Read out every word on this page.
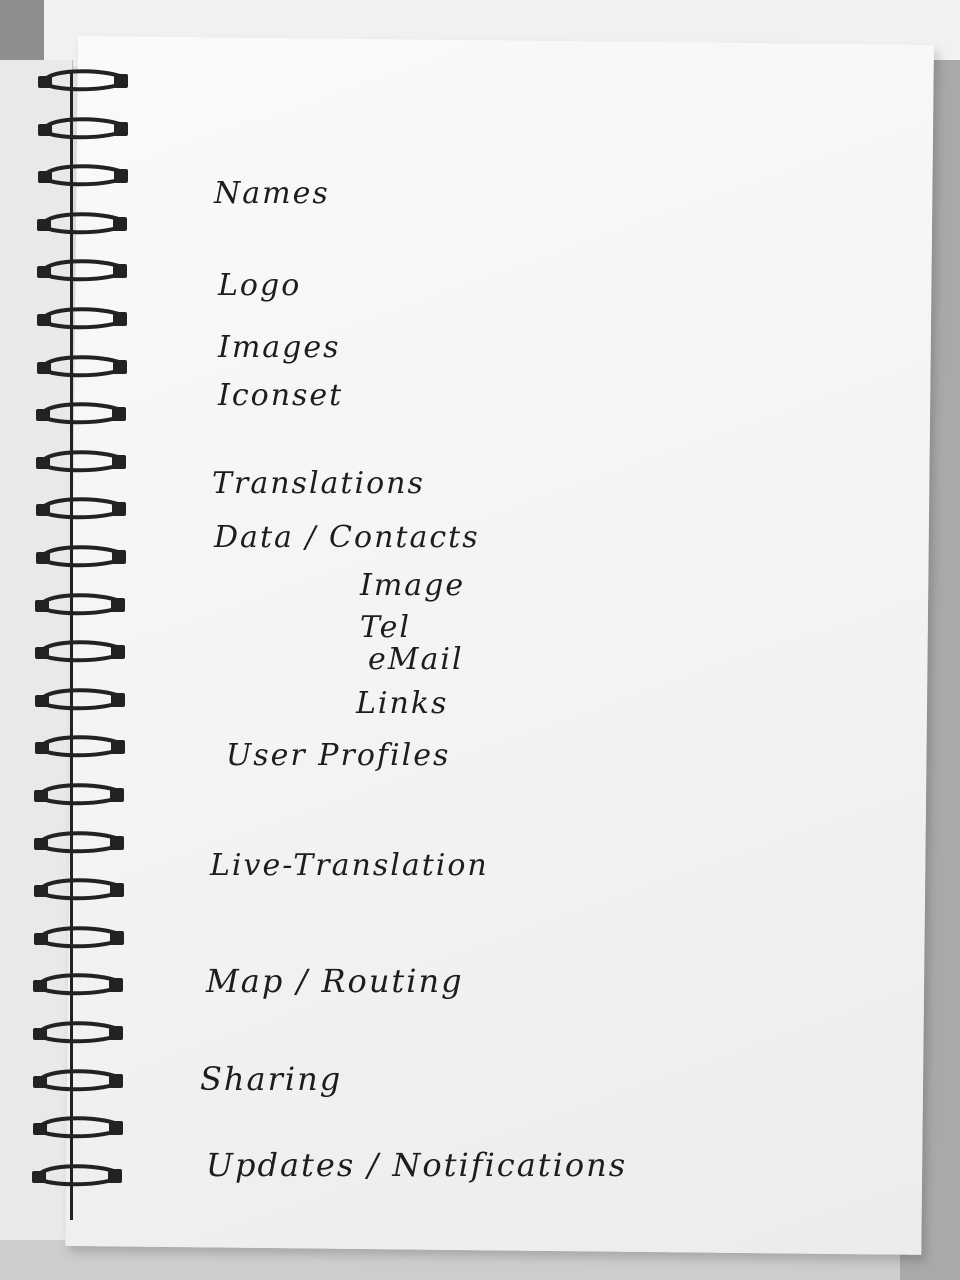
Names

Logo

Images

Iconset

Translations

Data / Contacts

Image

Tel

eMail

Links

User Profiles

Live-Translation

Map / Routing

Sharing

Updates / Notifications
